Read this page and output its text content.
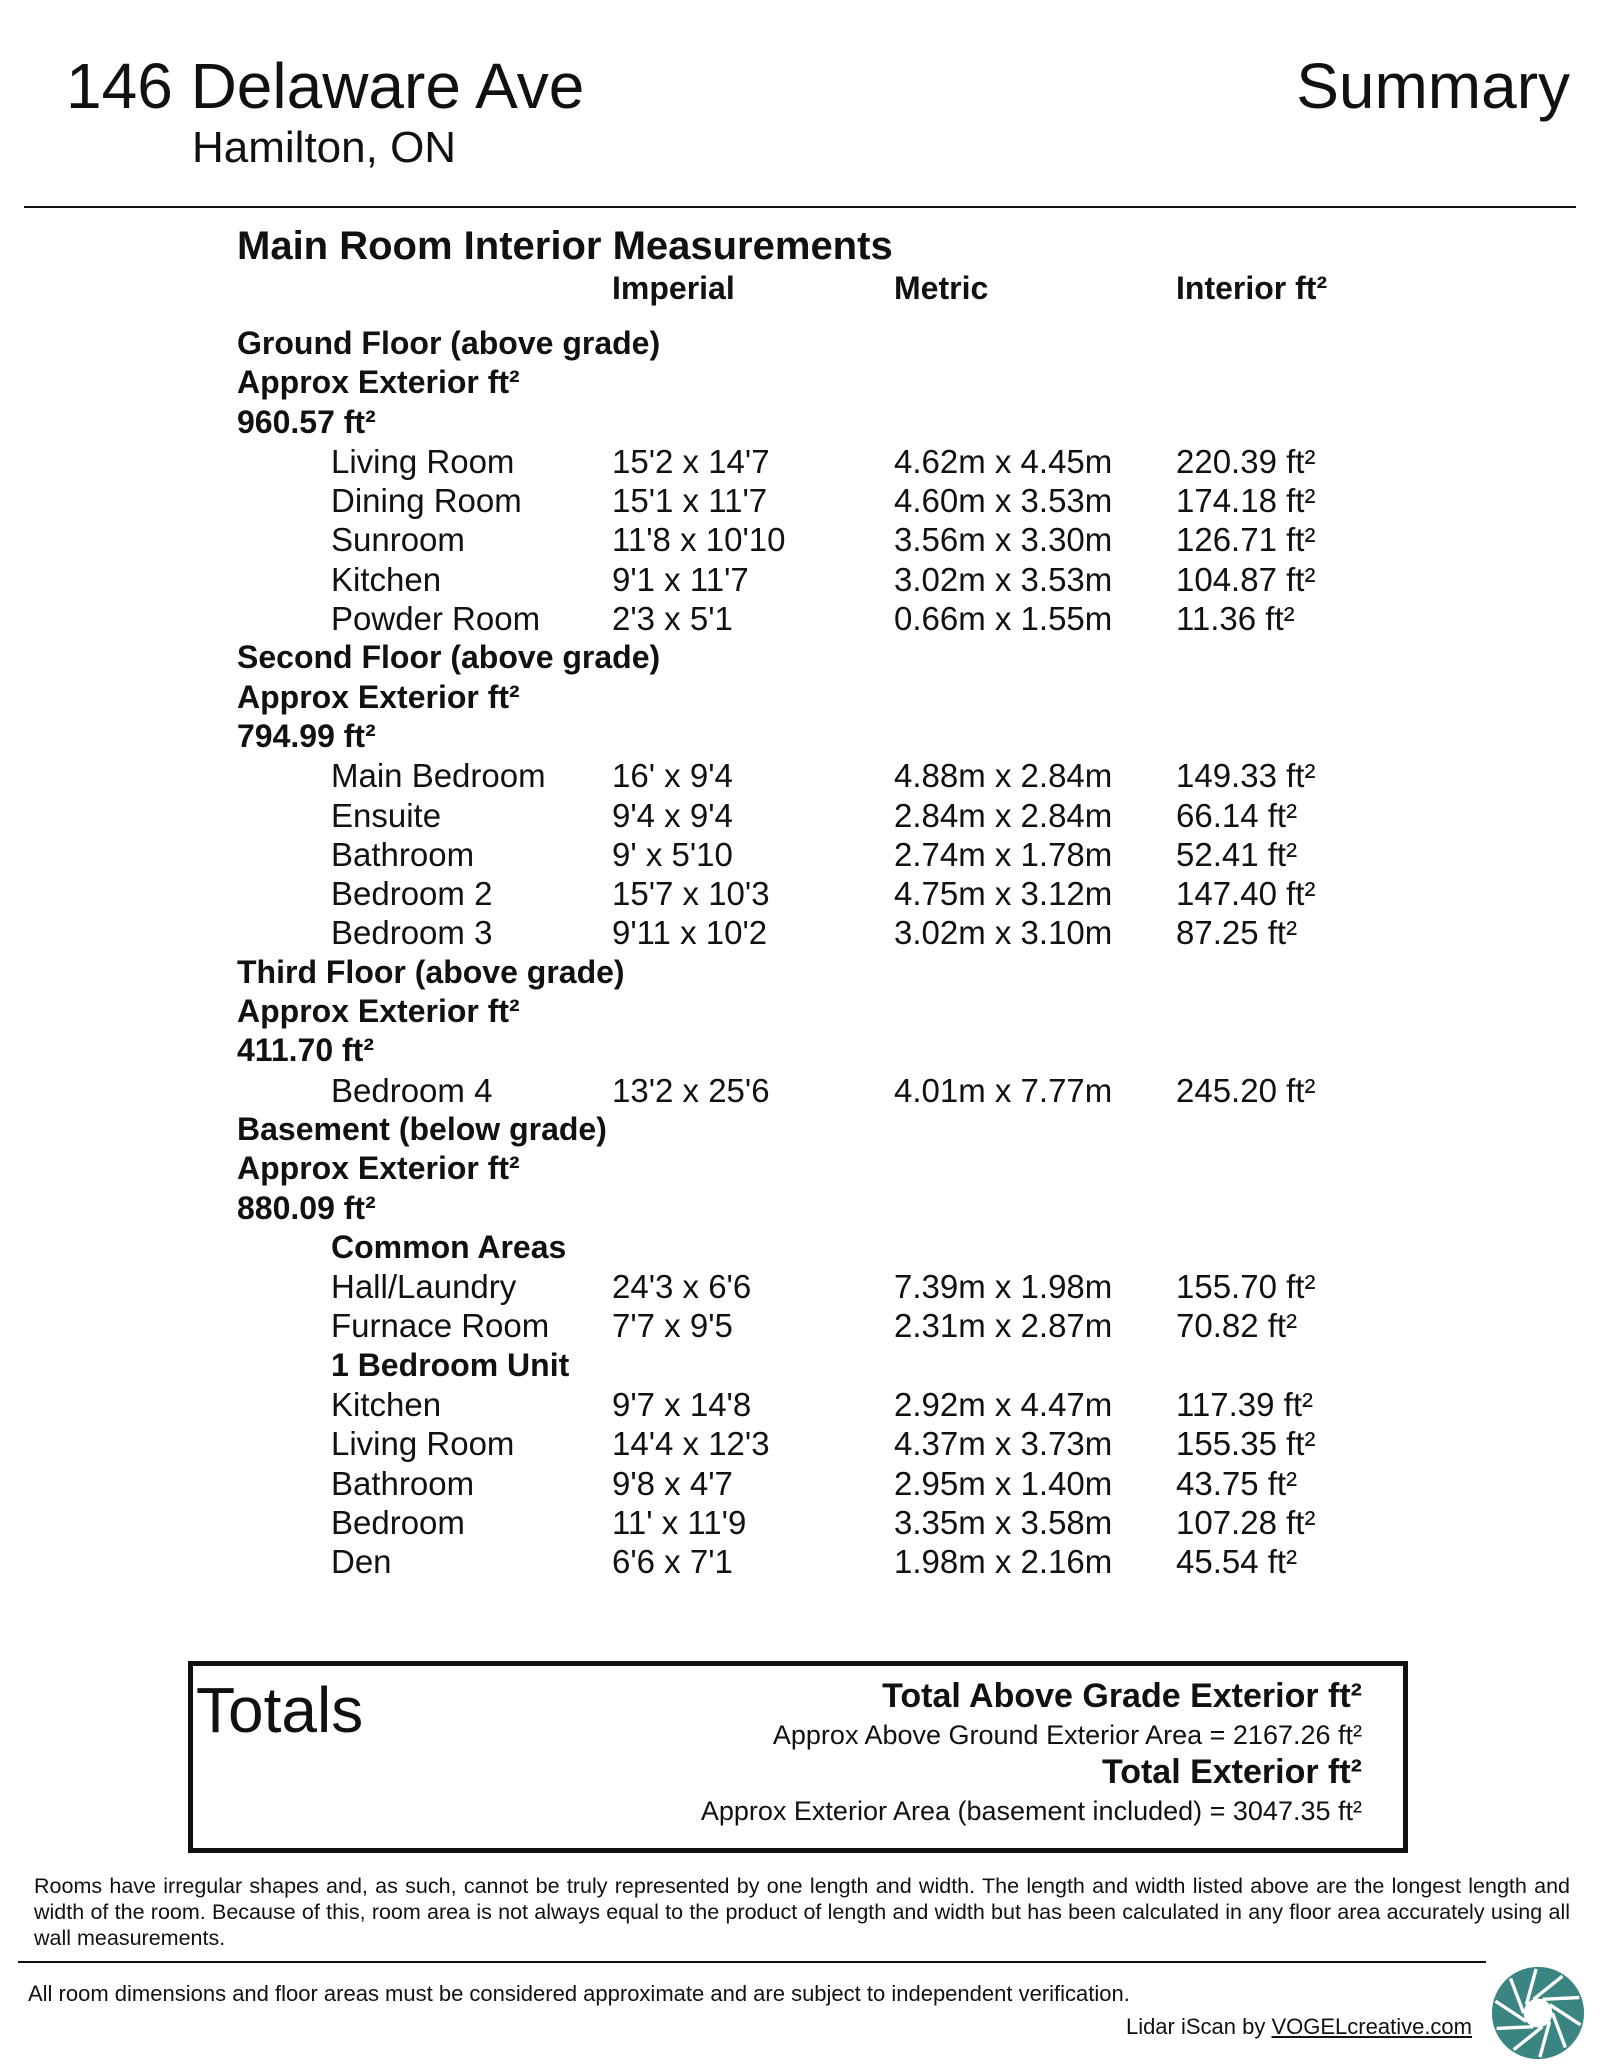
146 Delaware Ave
Hamilton, ON
Summary
Main Room Interior Measurements
Imperial	Metric	Interior ft²
Ground Floor (above grade)
Approx Exterior ft²
960.57 ft²
Living Room	15'2 x 14'7	4.62m x 4.45m 220.39 ft²
Dining Room	15'1 x 11'7	4.60m x 3.53m 174.18 ft²
Sunroom	11'8 x 10'10	3.56m x 3.30m 126.71 ft²
Kitchen	9'1 x 11'7	3.02m x 3.53m 104.87 ft²
Powder Room 2'3 x 5'1	0.66m x 1.55m 11.36 ft²
Second Floor (above grade)
Approx Exterior ft²
794.99 ft²
Main Bedroom 16' x 9'4	4.88m x 2.84m 149.33 ft²
Ensuite	9'4 x 9'4	2.84m x 2.84m 66.14 ft²
Bathroom	9' x 5'10	2.74m x 1.78m 52.41 ft²
Bedroom 2	15'7 x 10'3	4.75m x 3.12m 147.40 ft²
Bedroom 3	9'11 x 10'2	3.02m x 3.10m 87.25 ft²
Third Floor (above grade)
Approx Exterior ft²
411.70 ft²
Bedroom 4	13'2 x 25'6	4.01m x 7.77m 245.20 ft²
Basement (below grade)
Approx Exterior ft²
880.09 ft²
Common Areas
Hall/Laundry	24'3 x 6'6	7.39m x 1.98m 155.70 ft²
Furnace Room 7'7 x 9'5	2.31m x 2.87m 70.82 ft²
1 Bedroom Unit
Kitchen	9'7 x 14'8	2.92m x 4.47m 117.39 ft²
Living Room	14'4 x 12'3	4.37m x 3.73m 155.35 ft²
Bathroom	9'8 x 4'7	2.95m x 1.40m 43.75 ft²
Bedroom	11' x 11'9	3.35m x 3.58m 107.28 ft²
Den	6'6 x 7'1	1.98m x 2.16m 45.54 ft²
Totals	Total Above Grade Exterior ft²
Approx Above Ground Exterior Area = 2167.26 ft²
Total Exterior ft²
Approx Exterior Area (basement included) = 3047.35 ft²
Rooms have irregular shapes and, as such, cannot be truly represented by one length and width. The length and width listed above are the longest length and width of the room. Because of this, room area is not always equal to the product of length and width but has been calculated in any floor area accurately using all wall measurements.
All room dimensions and floor areas must be considered approximate and are subject to independent verification.
Lidar iScan by VOGELcreative.com
